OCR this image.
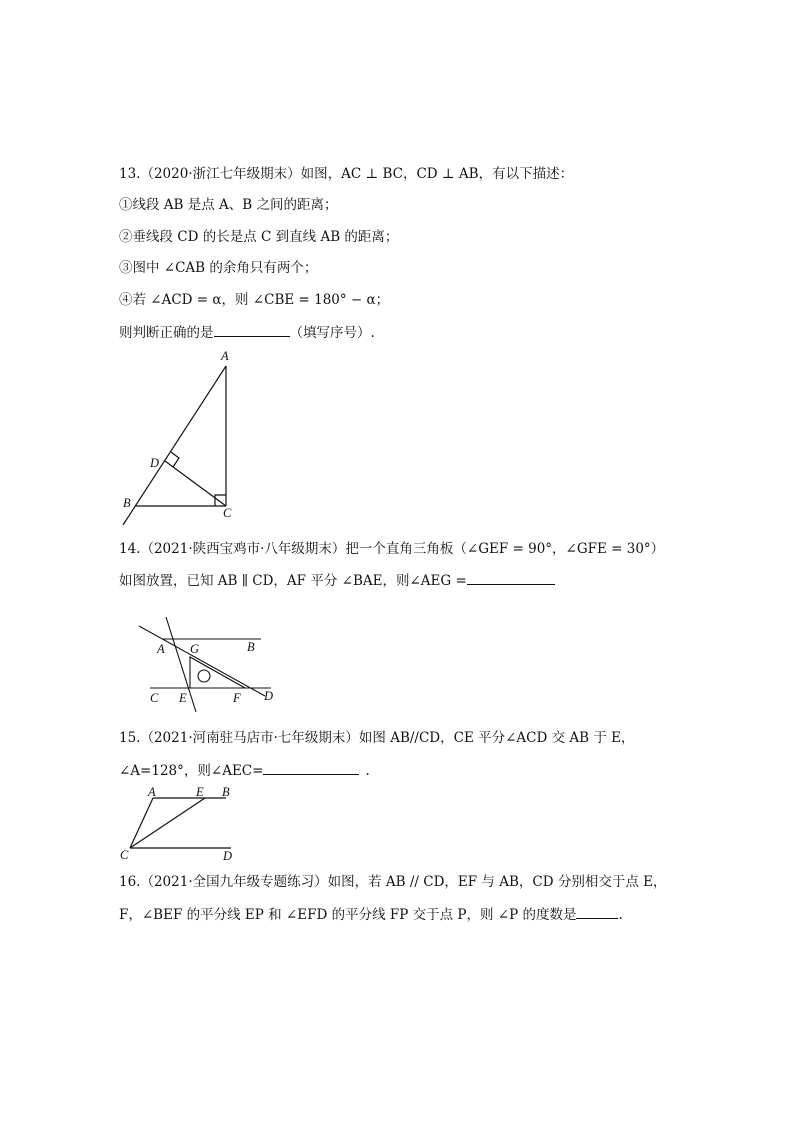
13.（2020·浙江七年级期末）如图，AC ⊥ BC，CD ⊥ AB，有以下描述：
①线段 AB 是点 A、B 之间的距离；
②垂线段 CD 的长是点 C 到直线 AB 的距离；
③图中 ∠CAB 的余角只有两个；
④若 ∠ACD = α，则 ∠CBE = 180° − α；
则判断正确的是	（填写序号）.
A
D
B
C
14.（2021·陕西宝鸡市·八年级期末）把一个直角三角板（∠GEF = 90°，∠GFE = 30°）
如图放置，已知 AB ∥ CD，AF 平分 ∠BAE，则∠AEG =
A G	B
C E	F D
15.（2021·河南驻马店市·七年级期末）如图 AB//CD，CE 平分∠ACD 交 AB 于 E，
∠A=128°，则∠AEC=	.
A	E B
C	D
16.（2021·全国九年级专题练习）如图，若 AB // CD，EF 与 AB，CD 分别相交于点 E，
F，∠BEF 的平分线 EP 和 ∠EFD 的平分线 FP 交于点 P，则 ∠P 的度数是	.
